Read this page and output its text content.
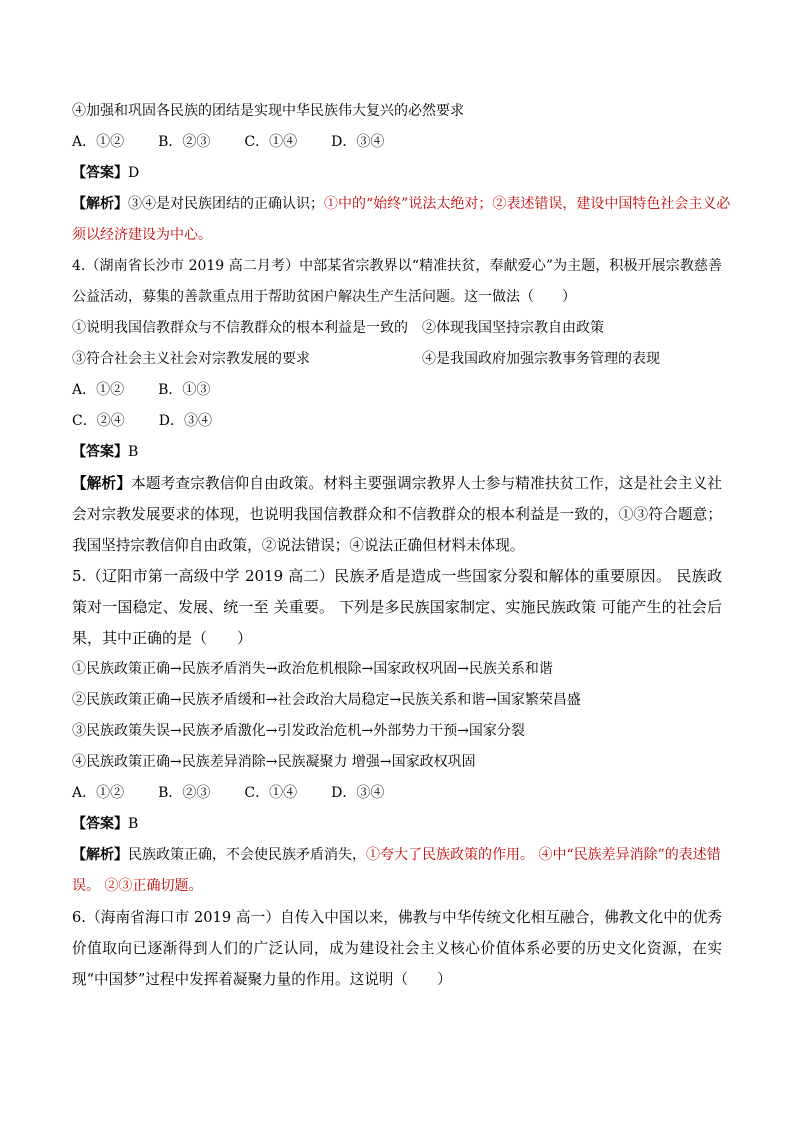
④加强和巩固各民族的团结是实现中华民族伟大复兴的必然要求
A．①② B．②③ C．①④ D．③④
【答案】D
【解析】③④是对民族团结的正确认识；①中的“始终”说法太绝对；②表述错误，建设中国特色社会主义必
须以经济建设为中心。
4.（湖南省长沙市 2019 高二月考）中部某省宗教界以“精准扶贫，奉献爱心”为主题，积极开展宗教慈善公益活动，募集的善款重点用于帮助贫困户解决生产生活问题。这一做法（　　）
①说明我国信教群众与不信教群众的根本利益是一致的 ②体现我国坚持宗教自由政策
③符合社会主义社会对宗教发展的要求	④是我国政府加强宗教事务管理的表现
A．①② B．①③
C．②④ D．③④
【答案】B
【解析】本题考查宗教信仰自由政策。材料主要强调宗教界人士参与精准扶贫工作，这是社会主义社会对宗教发展要求的体现，也说明我国信教群众和不信教群众的根本利益是一致的，①③符合题意；我国坚持宗教信仰自由政策，②说法错误；④说法正确但材料未体现。
5.（辽阳市第一高级中学 2019 高二）民族矛盾是造成一些国家分裂和解体的重要原因。 民族政策对一国稳定、发展、统一至 关重要。 下列是多民族国家制定、实施民族政策 可能产生的社会后果，其中正确的是（　　）
①民族政策正确→民族矛盾消失→政治危机根除→国家政权巩固→民族关系和谐
②民族政策正确→民族矛盾缓和→社会政治大局稳定→民族关系和谐→国家繁荣昌盛
③民族政策失误→民族矛盾激化→引发政治危机→外部势力干预→国家分裂
④民族政策正确→民族差异消除→民族凝聚力 增强→国家政权巩固
A．①② B．②③ C．①④ D．③④
【答案】B
【解析】民族政策正确，不会使民族矛盾消失，①夸大了民族政策的作用。 ④中“民族差异消除”的表述错
误。 ②③正确切题。
6.（海南省海口市 2019 高一）自传入中国以来，佛教与中华传统文化相互融合，佛教文化中的优秀价值取向已逐渐得到人们的广泛认同，成为建设社会主义核心价值体系必要的历史文化资源，在实现“中国梦”过程中发挥着凝聚力量的作用。这说明（　　）
